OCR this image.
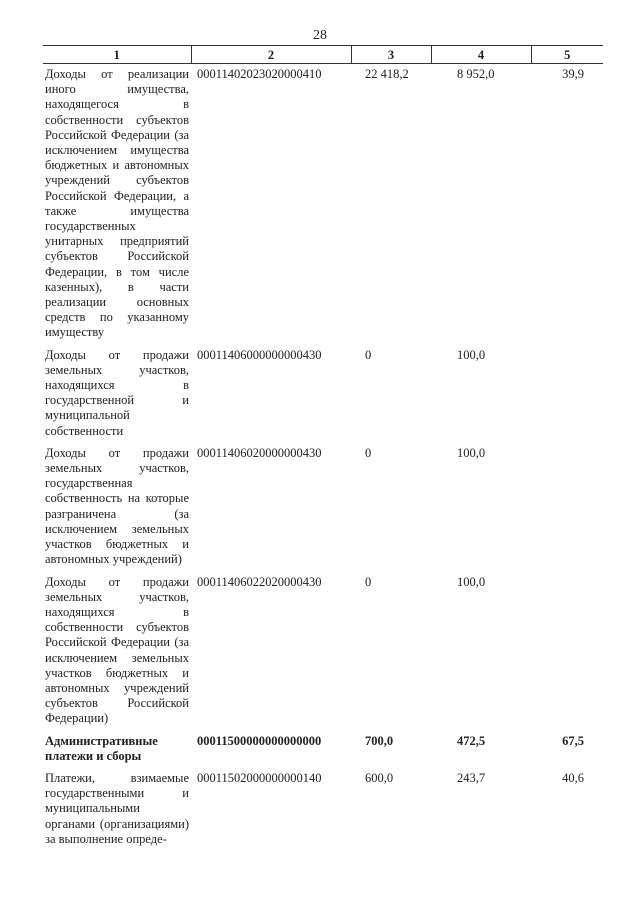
28
1	2	3	4	5
Доходы от реализации иного имущества, находящегося в собственности субъектов Российской Федерации (за исключением имущества бюджетных и автономных учреждений субъектов Российской Федерации, а также имущества государственных унитарных предприятий субъектов Российской Федерации, в том числе казенных), в части реализации основных средств по указанному имуществу	00011402023020000410	22 418,2	8 952,0	39,9
Доходы от продажи земельных участков, находящихся в государственной и муниципальной собственности	00011406000000000430	0	100,0	
Доходы от продажи земельных участков, государственная собственность на которые разграничена (за исключением земельных участков бюджетных и автономных учреждений)	00011406020000000430	0	100,0	
Доходы от продажи земельных участков, находящихся в собственности субъектов Российской Федерации (за исключением земельных участков бюджетных и автономных учреждений субъектов Российской Федерации)	00011406022020000430	0	100,0	
Административные платежи и сборы	00011500000000000000	700,0	472,5	67,5
Платежи, взимаемые государственными и муниципальными органами (организациями) за выполнение опреде-	00011502000000000140	600,0	243,7	40,6
